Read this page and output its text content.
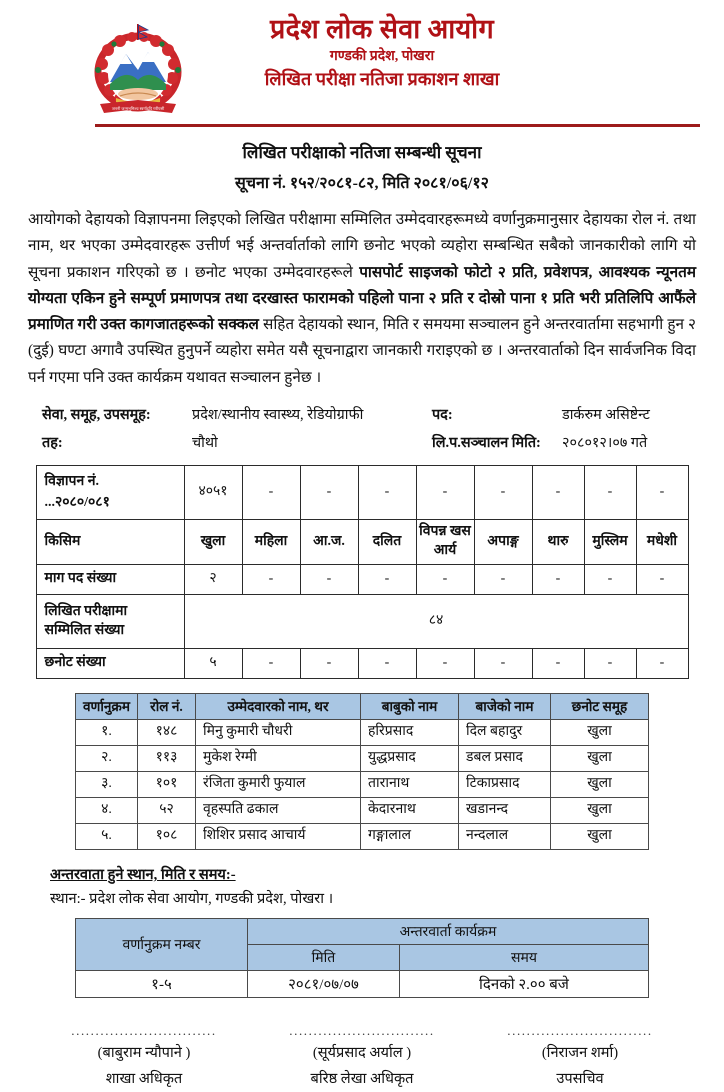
जननी जन्मभूमिश्च स्वर्गादपि गरीयसी
प्रदेश लोक सेवा आयोग
गण्डकी प्रदेश, पोखरा
लिखित परीक्षा नतिजा प्रकाशन शाखा
लिखित परीक्षाको नतिजा सम्बन्धी सूचना
सूचना नं. १५२/२०८१-८२, मिति २०८१/०६/१२
आयोगको देहायको विज्ञापनमा लिइएको लिखित परीक्षामा सम्मिलित उम्मेदवारहरूमध्ये वर्णानुक्रमानुसार देहायका रोल नं. तथा नाम, थर भएका उम्मेदवारहरू उत्तीर्ण भई अन्तर्वार्ताको लागि छनोट भएको व्यहोरा सम्बन्धित सबैको जानकारीको लागि यो सूचना प्रकाशन गरिएको छ । छनोट भएका उम्मेदवारहरूले पासपोर्ट साइजको फोटो २ प्रति, प्रवेशपत्र, आवश्यक न्यूनतम योग्यता एकिन हुने सम्पूर्ण प्रमाणपत्र तथा दरखास्त फारामको पहिलो पाना २ प्रति र दोस्रो पाना १ प्रति भरी प्रतिलिपि आफैंले प्रमाणित गरी उक्त कागजातहरूको सक्कल सहित देहायको स्थान, मिति र समयमा सञ्चालन हुने अन्तरवार्तामा सहभागी हुन २ (दुई) घण्टा अगावै उपस्थित हुनुपर्ने व्यहोरा समेत यसै सूचनाद्वारा जानकारी गराइएको छ । अन्तरवार्ताको दिन सार्वजनिक विदा पर्न गएमा पनि उक्त कार्यक्रम यथावत सञ्चालन हुनेछ ।
सेवा, समूह, उपसमूह:	प्रदेश/स्थानीय स्वास्थ्य, रेडियोग्राफी	पद:	डार्करुम असिष्टेन्ट
तह:	चौथो	लि.प.सञ्चालन मिति:	२०८०१२।०७ गते
विज्ञापन नं.
...२०८०/०८१	४०५१	-	-	-	-	-	-	-	-
किसिम	खुला	महिला	आ.ज.	दलित	विपन्न खस आर्य	अपाङ्ग	थारु	मुस्लिम	मधेशी
माग पद संख्या	२	-	-	-	-	-	-	-	-
लिखित परीक्षामा
सम्मिलित संख्या	८४								
छनोट संख्या	५	-	-	-	-	-	-	-	-
वर्णानुक्रम	रोल नं.	उम्मेदवारको नाम, थर	बाबुको नाम	बाजेको नाम	छनोट समूह
१.	१४८	मिनु कुमारी चौधरी	हरिप्रसाद	दिल बहादुर	खुला
२.	११३	मुकेश रेग्मी	युद्धप्रसाद	डबल प्रसाद	खुला
३.	१०१	रंजिता कुमारी फुयाल	तारानाथ	टिकाप्रसाद	खुला
४.	५२	वृहस्पति ढकाल	केदारनाथ	खडानन्द	खुला
५.	१०८	शिशिर प्रसाद आचार्य	गङ्गालाल	नन्दलाल	खुला
अन्तरवाता हुने स्थान, मिति र समय:-
स्थान:- प्रदेश लोक सेवा आयोग, गण्डकी प्रदेश, पोखरा ।
वर्णानुक्रम नम्बर	अन्तरवार्ता कार्यक्रम	
	मिति	समय
१-५	२०८१/०७/०७	दिनको २.०० बजे
..............................
(बाबुराम न्यौपाने )
शाखा अधिकृत
..............................
(सूर्यप्रसाद अर्याल )
बरिष्ठ लेखा अधिकृत
..............................
(निराजन शर्मा)
उपसचिव
